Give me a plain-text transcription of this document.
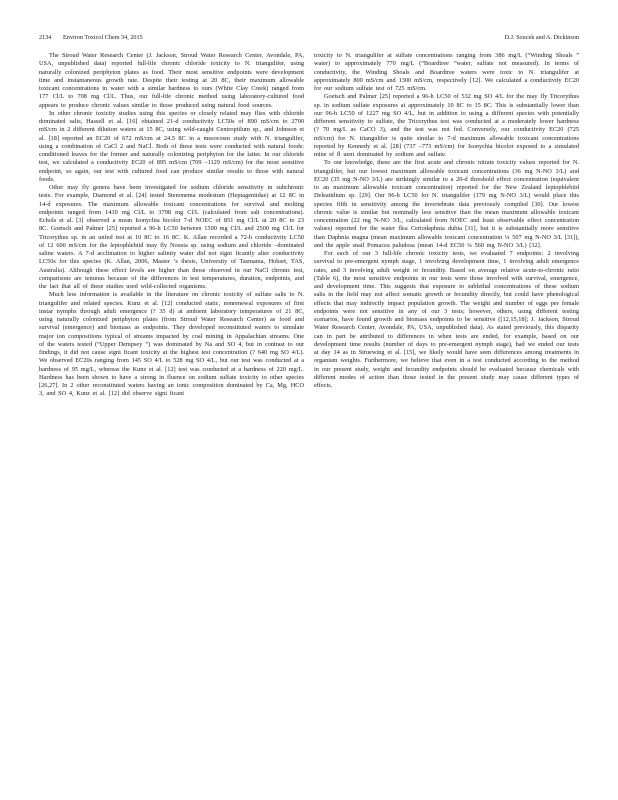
2134 Environ Toxicol Chem 34, 2015	D.J. Soucek and A. Dickinson

The Stroud Water Research Center (J. Jackson, Stroud Water Research Center, Avondale, PA, USA, unpublished data) reported full-life chronic chloride toxicity to N. triangulifer, using naturally colonized periphyton plates as food. Their most sensitive endpoints were development time and instantaneous growth rate. Despite their testing at 20 8C, their maximum allowable toxicant concentrations in water with a similar hardness to ours (White Clay Creek) ranged from 177 Cl/L to 708 mg Cl/L. Thus, our full-life chronic method using laboratory-cultured food appears to produce chronic values similar to those produced using natural food sources.

In other chronic toxicity studies using this species or closely related may flies with chloride dominated salts, Hassell et al. [16] obtained 21-d conductivity LC50s of 890 mS/cm to 2700 mS/cm in 2 different dilution waters at 15 8C, using wild-caught Centroptilum sp., and Johnson et al. [18] reported an EC20 of 672 mS/cm at 24.5 8C in a mesocosm study with N. triangulifer, using a combination of CaCl 2 and NaCl. Both of these tests were conducted with natural foods: conditioned leaves for the former and naturally colonizing periphyton for the latter. In our chloride test, we calculated a conductivity EC20 of 895 mS/cm (709 –1129 mS/cm) for the most sensitive endpoint, so again, our test with cultured food can produce similar results to those with natural foods.

Other may fly genera have been investigated for sodium chloride sensitivity in subchronic tests. For example, Diamond et al. [24] tested Stenonema modestum (Heptageniidae) at 12 8C in 14-d exposures. The maximum allowable toxicant concentrations for survival and molting endpoints ranged from 1410 mg Cl/L to 3798 mg Cl/L (calculated from salt concentrations). Echols et al. [3] observed a mean Isonychia bicolor 7-d NOEC of 851 mg Cl/L at 20 8C to 23 8C. Goetsch and Palmer [25] reported a 96-h LC50 between 1500 mg Cl/L and 2500 mg Cl/L for Tricorythus sp. in an unfed test at 10 8C to 16 8C. K. Allan recorded a 72-h conductivity LC50 of 12 600 mS/cm for the leptophlebiid may fly Nousia sp. using sodium and chloride –dominated saline waters. A 7-d acclimation to higher salinity water did not signi ficantly alter conductivity LC50s for this species (K. Allan, 2006, Master ’s thesis, University of Tasmania, Hobart, TAS, Australia). Although these effect levels are higher than those observed in our NaCl chronic test, comparisons are tenuous because of the differences in test temperatures, duration, endpoints, and the fact that all of these studies used wild-collected organisms.

Much less information is available in the literature on chronic toxicity of sulfate salts to N. triangulifer and related species. Kunz et al. [12] conducted static, nonrenewal exposures of first instar nymphs through adult emergence (? 35 d) at ambient laboratory temperatures of 21 8C, using naturally colonized periphyton plates (from Stroud Water Research Center) as food and survival (emergence) and biomass as endpoints. They developed reconstituted waters to simulate major ion compositions typical of streams impacted by coal mining in Appalachian streams. One of the waters tested (“Upper Dempsey ”) was dominated by Na and SO 4, but in contrast to our findings, it did not cause signi ficant toxicity at the highest test concentration (? 640 mg SO 4/L). We observed EC20s ranging from 145 SO 4/L to 528 mg SO 4/L, but our test was conducted at a hardness of 95 mg/L, whereas the Kunz et al. [12] test was conducted at a hardness of 220 mg/L. Hardness has been shown to have a strong in fluence on sodium sulfate toxicity to other species [26,27]. In 2 other reconstituted waters having an ionic composition dominated by Ca, Mg, HCO 3, and SO 4, Kunz et al. [12] did observe signi ficant

toxicity to N. triangulifer at sulfate concentrations ranging from 386 mg/L (“Winding Shoals ” water) to approximately 770 mg/L (“Boardtree ”water, sulfate not measured). In terms of conductivity, the Winding Shoals and Boardtree waters were toxic to N. triangulifer at approximately 800 mS/cm and 1300 mS/cm, respectively [12]. We calculated a conductivity EC20 for our sodium sulfate test of 725 mS/cm.

Goetsch and Palmer [25] reported a 96-h LC50 of 532 mg SO 4/L for the may fly Tricorythus sp. in sodium sulfate exposures at approximately 10 8C to 15 8C. This is substantially lower than our 96-h LC50 of 1227 mg SO 4/L, but in addition to using a different species with potentially different sensitivity to sulfate, the Tricorythus test was conducted at a moderately lower hardness (? 70 mg/L as CaCO 3), and the test was not fed. Conversely, our conductivity EC20 (725 mS/cm) for N. triangulifer is quite similar to 7-d maximum allowable toxicant concentrations reported by Kennedy et al. [28] (737 –773 mS/cm) for Isonychia bicolor exposed to a simulated mine ef fl uent dominated by sodium and sulfate.

To our knowledge, these are the first acute and chronic nitrate toxicity values reported for N. triangulifer, but our lowest maximum allowable toxicant concentrations (36 mg N-NO 3/L) and EC20 (35 mg N-NO 3/L) are strikingly similar to a 20-d threshold effect concentration (equivalent to an maximum allowable toxicant concentration) reported for the New Zealand leptophlebiid Deleatidium sp. [29]. Our 96-h LC50 for N. triangulifer (179 mg N-NO 3/L) would place this species fifth in sensitivity among the invertebrate data previously compiled [30]. Our lowest chronic value is similar but nominally less sensitive than the mean maximum allowable toxicant concentration (22 mg N-NO 3/L, calculated from NOEC and least observable effect concentration values) reported for the water flea Ceriodaphnia dubia [31], but it is substantially more sensitive than Daphnia magna (mean maximum allowable toxicant concentration ¼ 507 mg N-NO 3/L [31]), and the apple snail Pomacea paludosa (mean 14-d EC50 ¼ 560 mg N-NO 3/L) [32].

For each of our 3 full-life chronic toxicity tests, we evaluated 7 endpoints: 2 involving survival to pre-emergent nymph stage, 1 involving development time, 1 involving adult emergence rates, and 3 involving adult weight or fecundity. Based on average relative acute-to-chronic ratio (Table 6), the most sensitive endpoints in our tests were those involved with survival, emergence, and development time. This suggests that exposure to sublethal concentrations of these sodium salts in the field may not affect somatic growth or fecundity directly, but could have phenological effects that may indirectly impact population growth. The weight and number of eggs per female endpoints were not sensitive in any of our 3 tests; however, others, using different testing scenarios, have found growth and biomass endpoints to be sensitive ([12,15,18]; J. Jackson, Stroud Water Research Center, Avondale, PA, USA, unpublished data). As stated previously, this disparity can in part be attributed to differences in when tests are ended, for example, based on our development time results (number of days to pre-emergent nymph stage), had we ended our tests at day 14 as in Struewing et al. [15], we likely would have seen differences among treatments in organism weights. Furthermore, we believe that even in a test conducted according to the method in our present study, weight and fecundity endpoints should be evaluated because chemicals with different modes of action than those tested in the present study may cause different types of effects.
